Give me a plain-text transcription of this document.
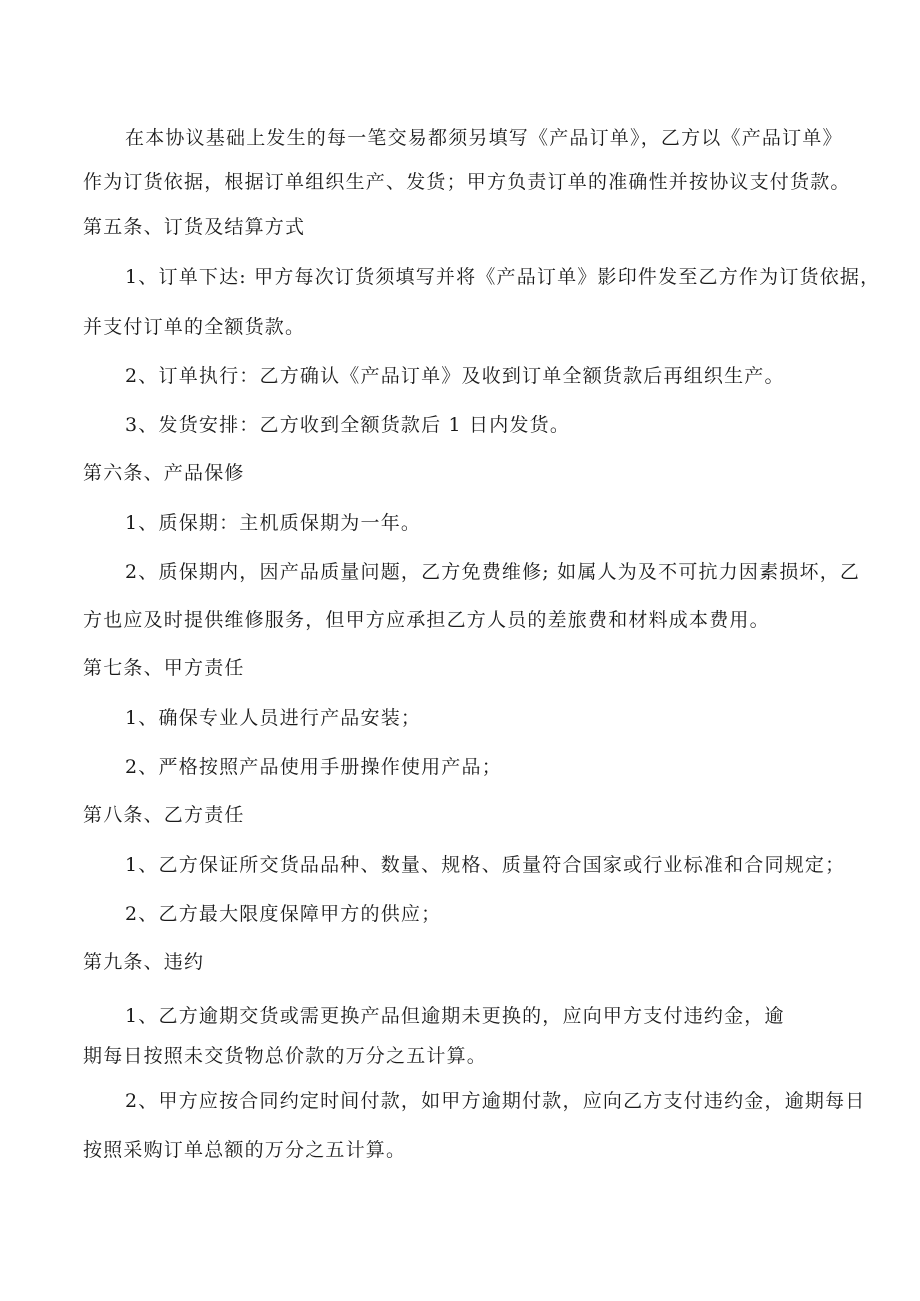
在本协议基础上发生的每一笔交易都须另填写《产品订单》，乙方以《产品订单》
作为订货依据，根据订单组织生产、发货；甲方负责订单的准确性并按协议支付货款。
第五条、订货及结算方式
1、订单下达: 甲方每次订货须填写并将《产品订单》影印件发至乙方作为订货依据，
并支付订单的全额货款。
2、订单执行：乙方确认《产品订单》及收到订单全额货款后再组织生产。
3、发货安排：乙方收到全额货款后 1 日内发货。
第六条、产品保修
1、质保期：主机质保期为一年。
2、质保期内，因产品质量问题，乙方免费维修; 如属人为及不可抗力因素损坏，乙
方也应及时提供维修服务，但甲方应承担乙方人员的差旅费和材料成本费用。
第七条、甲方责任
1、确保专业人员进行产品安装；
2、严格按照产品使用手册操作使用产品；
第八条、乙方责任
1、乙方保证所交货品品种、数量、规格、质量符合国家或行业标准和合同规定；
2、乙方最大限度保障甲方的供应；
第九条、违约
1、乙方逾期交货或需更换产品但逾期未更换的，应向甲方支付违约金，逾
期每日按照未交货物总价款的万分之五计算。
2、甲方应按合同约定时间付款，如甲方逾期付款，应向乙方支付违约金，逾期每日
按照采购订单总额的万分之五计算。
